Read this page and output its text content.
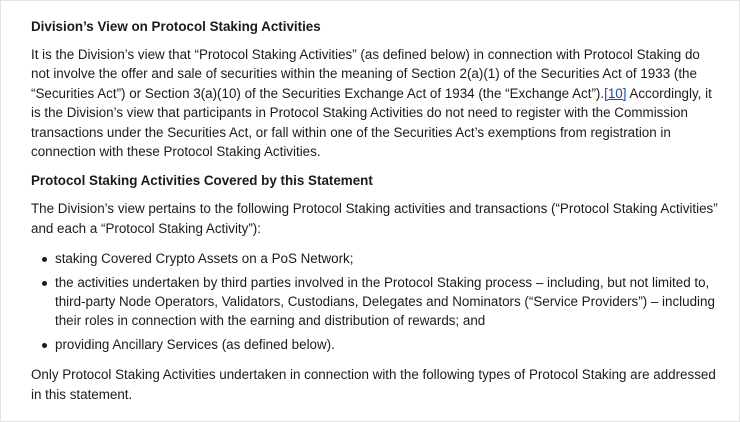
Division’s View on Protocol Staking Activities

It is the Division’s view that “Protocol Staking Activities” (as defined below) in connection with Protocol Staking do not involve the offer and sale of securities within the meaning of Section 2(a)(1) of the Securities Act of 1933 (the “Securities Act”) or Section 3(a)(10) of the Securities Exchange Act of 1934 (the “Exchange Act”).[10] Accordingly, it is the Division’s view that participants in Protocol Staking Activities do not need to register with the Commission transactions under the Securities Act, or fall within one of the Securities Act’s exemptions from registration in connection with these Protocol Staking Activities.

Protocol Staking Activities Covered by this Statement

The Division’s view pertains to the following Protocol Staking activities and transactions (“Protocol Staking Activities” and each a “Protocol Staking Activity”):

staking Covered Crypto Assets on a PoS Network;
the activities undertaken by third parties involved in the Protocol Staking process – including, but not limited to, third-party Node Operators, Validators, Custodians, Delegates and Nominators (“Service Providers”) – including their roles in connection with the earning and distribution of rewards; and
providing Ancillary Services (as defined below).

Only Protocol Staking Activities undertaken in connection with the following types of Protocol Staking are addressed in this statement.
